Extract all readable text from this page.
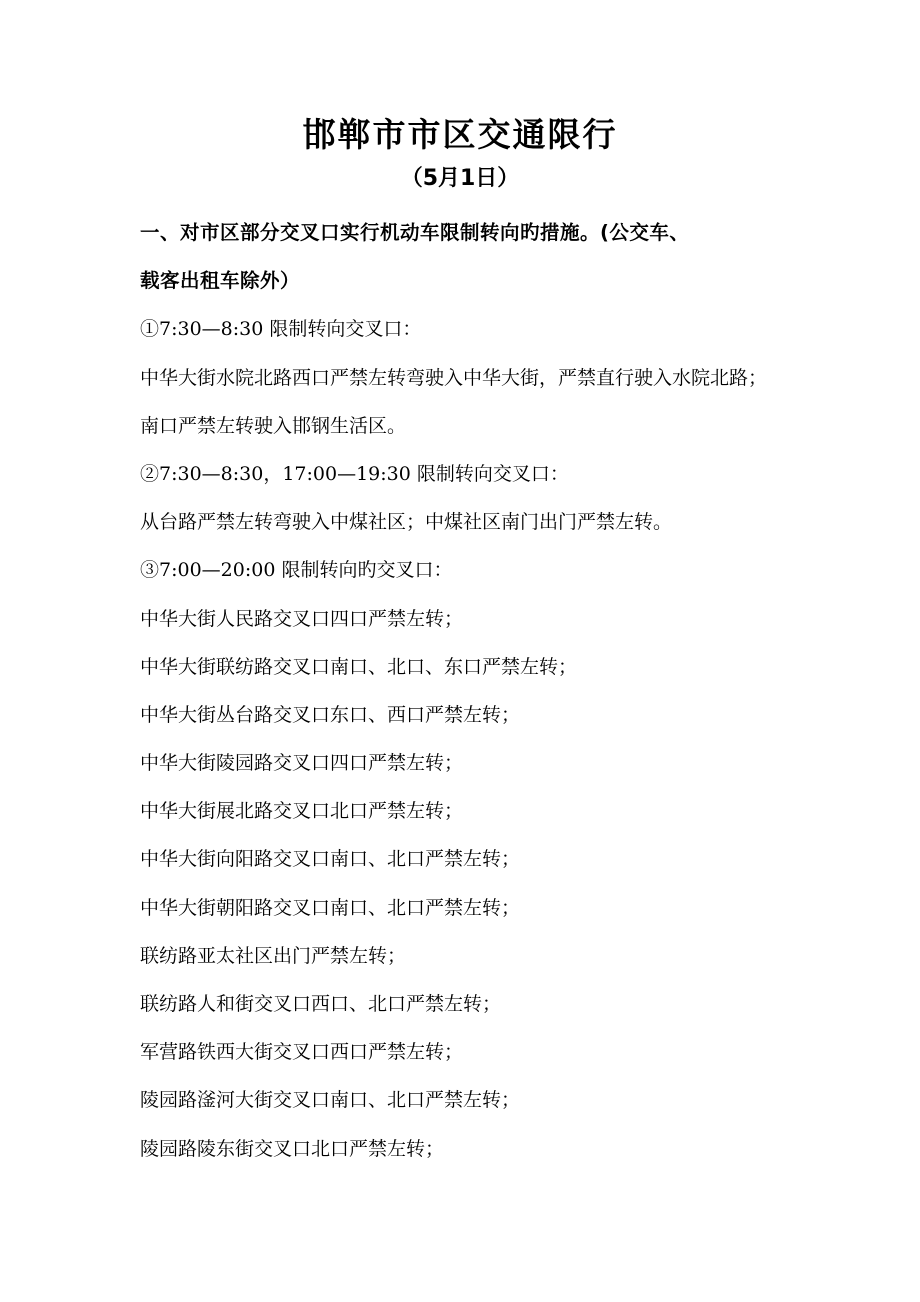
邯郸市市区交通限行
（5月1日）
一、对市区部分交叉口实行机动车限制转向旳措施。(公交车、
载客出租车除外）
①7:30—8:30 限制转向交叉口：
中华大街水院北路西口严禁左转弯驶入中华大街，严禁直行驶入水院北路；
南口严禁左转驶入邯钢生活区。
②7:30—8:30，17:00—19:30 限制转向交叉口：
从台路严禁左转弯驶入中煤社区；中煤社区南门出门严禁左转。
③7:00—20:00 限制转向旳交叉口：
中华大街人民路交叉口四口严禁左转；
中华大街联纺路交叉口南口、北口、东口严禁左转；
中华大街丛台路交叉口东口、西口严禁左转；
中华大街陵园路交叉口四口严禁左转；
中华大街展北路交叉口北口严禁左转；
中华大街向阳路交叉口南口、北口严禁左转；
中华大街朝阳路交叉口南口、北口严禁左转；
联纺路亚太社区出门严禁左转；
联纺路人和街交叉口西口、北口严禁左转；
军营路铁西大街交叉口西口严禁左转；
陵园路滏河大街交叉口南口、北口严禁左转；
陵园路陵东街交叉口北口严禁左转；
